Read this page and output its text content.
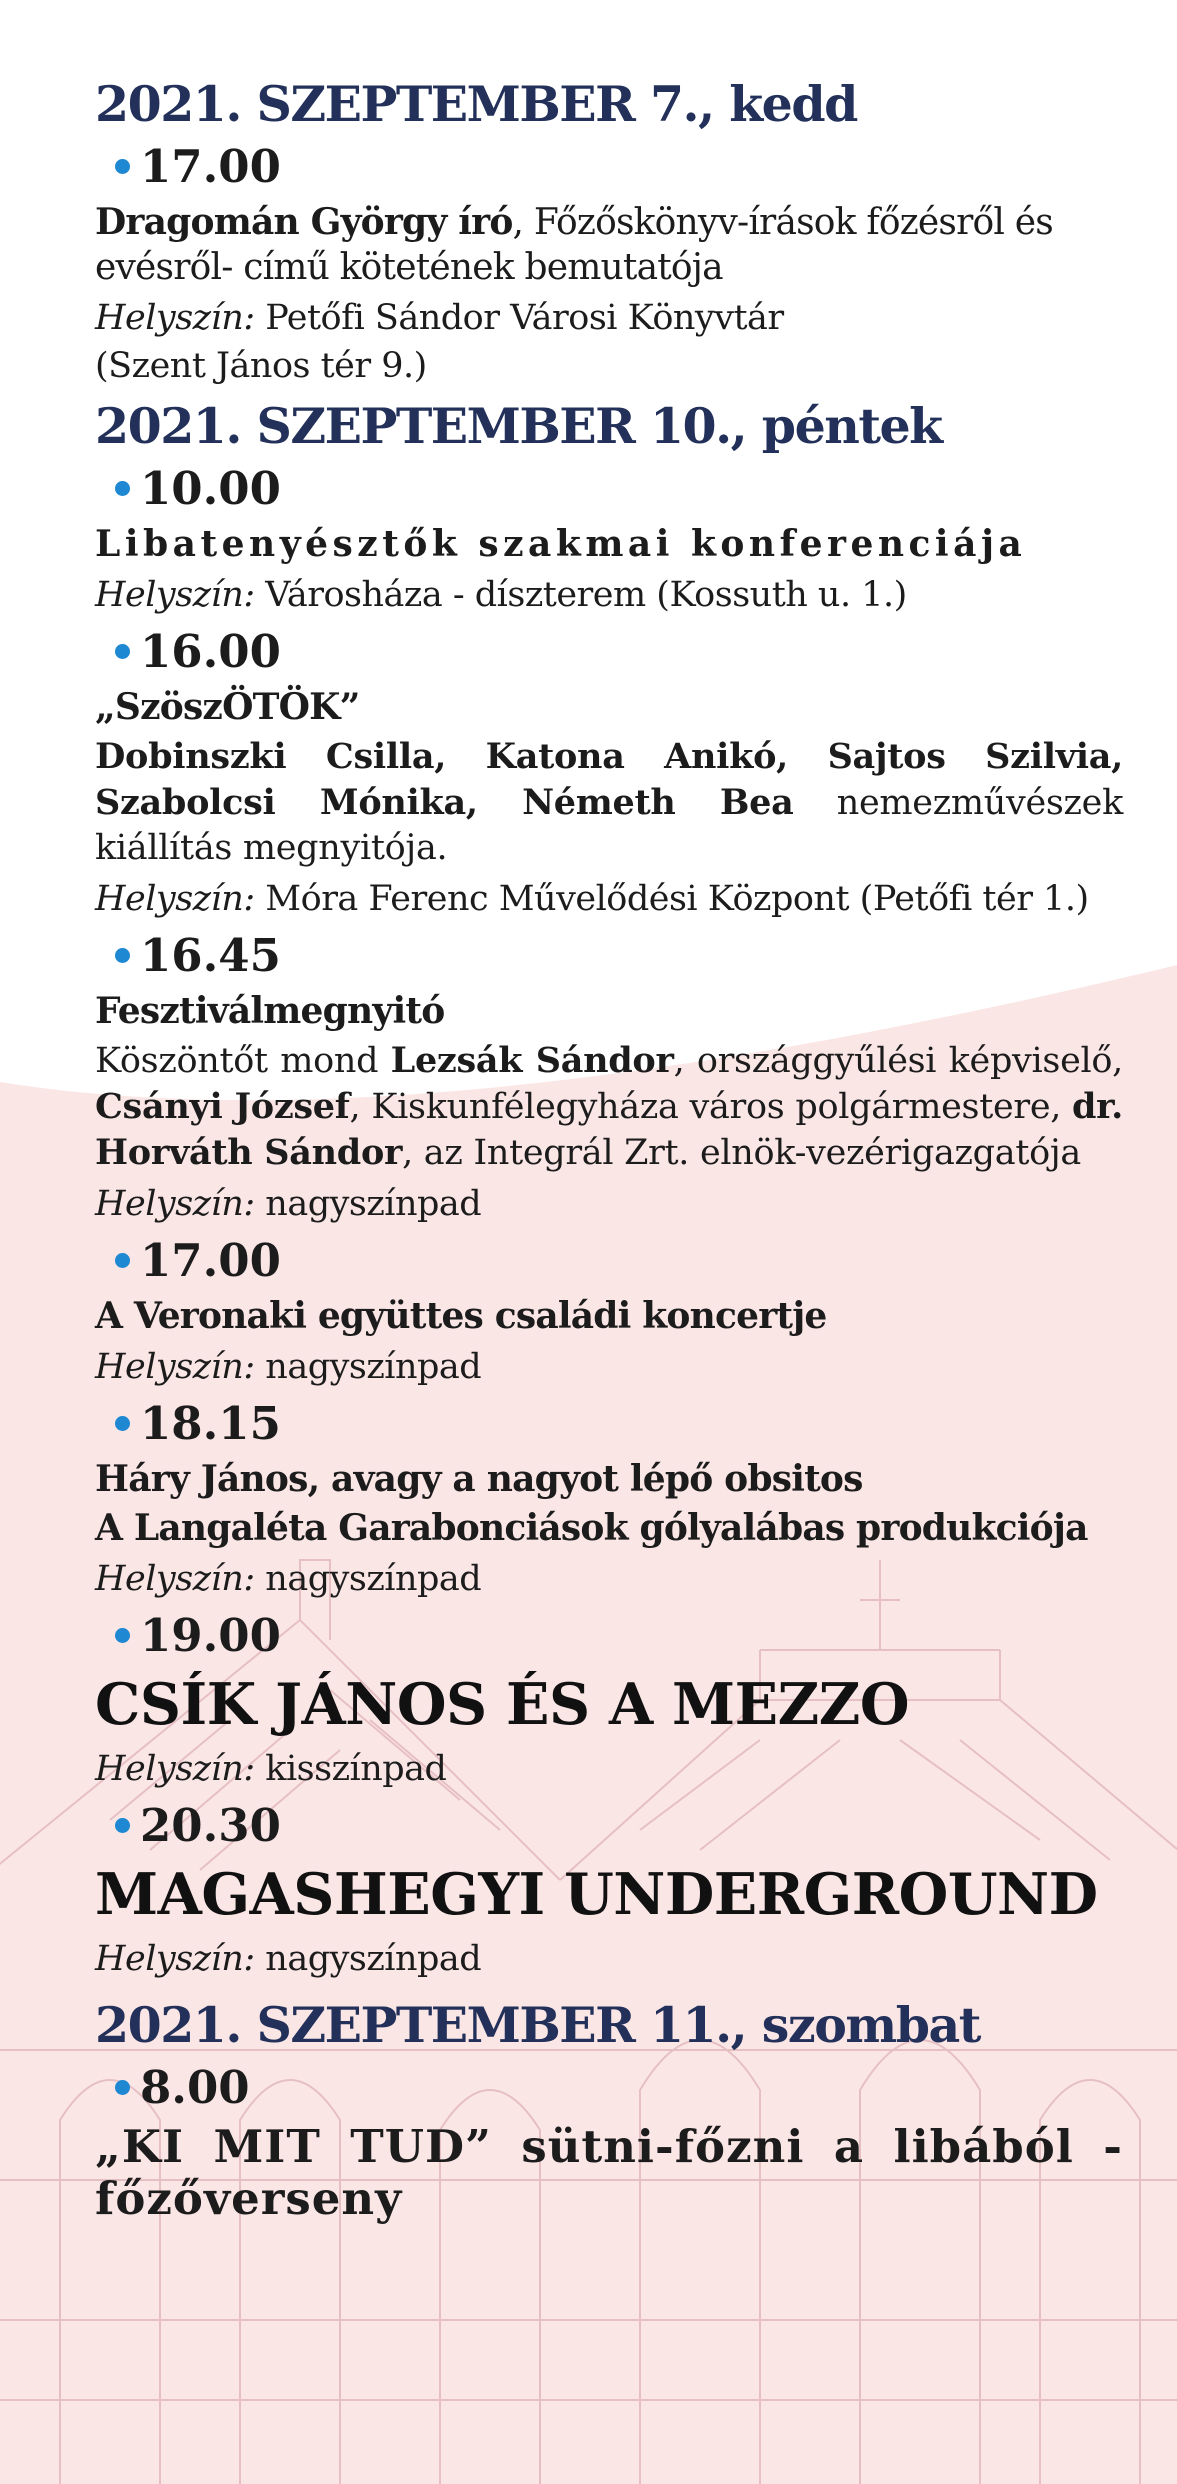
2021. SZEPTEMBER 7., kedd
17.00
Dragomán György író, Főzőskönyv-írások főzésről és evésről- című kötetének bemutatója
Helyszín: Petőfi Sándor Városi Könyvtár
(Szent János tér 9.)
2021. SZEPTEMBER 10., péntek
10.00
Libatenyésztők szakmai konferenciája
Helyszín: Városháza - díszterem (Kossuth u. 1.)
16.00
„SzöszÖTÖK”
Dobinszki Csilla, Katona Anikó, Sajtos Szilvia, Szabolcsi Mónika, Németh Bea nemezművészek kiállítás megnyitója.
Helyszín: Móra Ferenc Művelődési Központ (Petőfi tér 1.)
16.45
Fesztiválmegnyitó
Köszöntőt mond Lezsák Sándor, országgyűlési képviselő, Csányi József, Kiskunfélegyháza város polgármestere, dr. Horváth Sándor, az Integrál Zrt. elnök-vezérigazgatója
Helyszín: nagyszínpad
17.00
A Veronaki együttes családi koncertje
Helyszín: nagyszínpad
18.15
Háry János, avagy a nagyot lépő obsitos
A Langaléta Garabonciások gólyalábas produkciója
Helyszín: nagyszínpad
19.00
CSÍK JÁNOS ÉS A MEZZO
Helyszín: kisszínpad
20.30
MAGASHEGYI UNDERGROUND
Helyszín: nagyszínpad
2021. SZEPTEMBER 11., szombat
8.00
„KI MIT TUD” sütni-főzni a libából - főzőverseny
